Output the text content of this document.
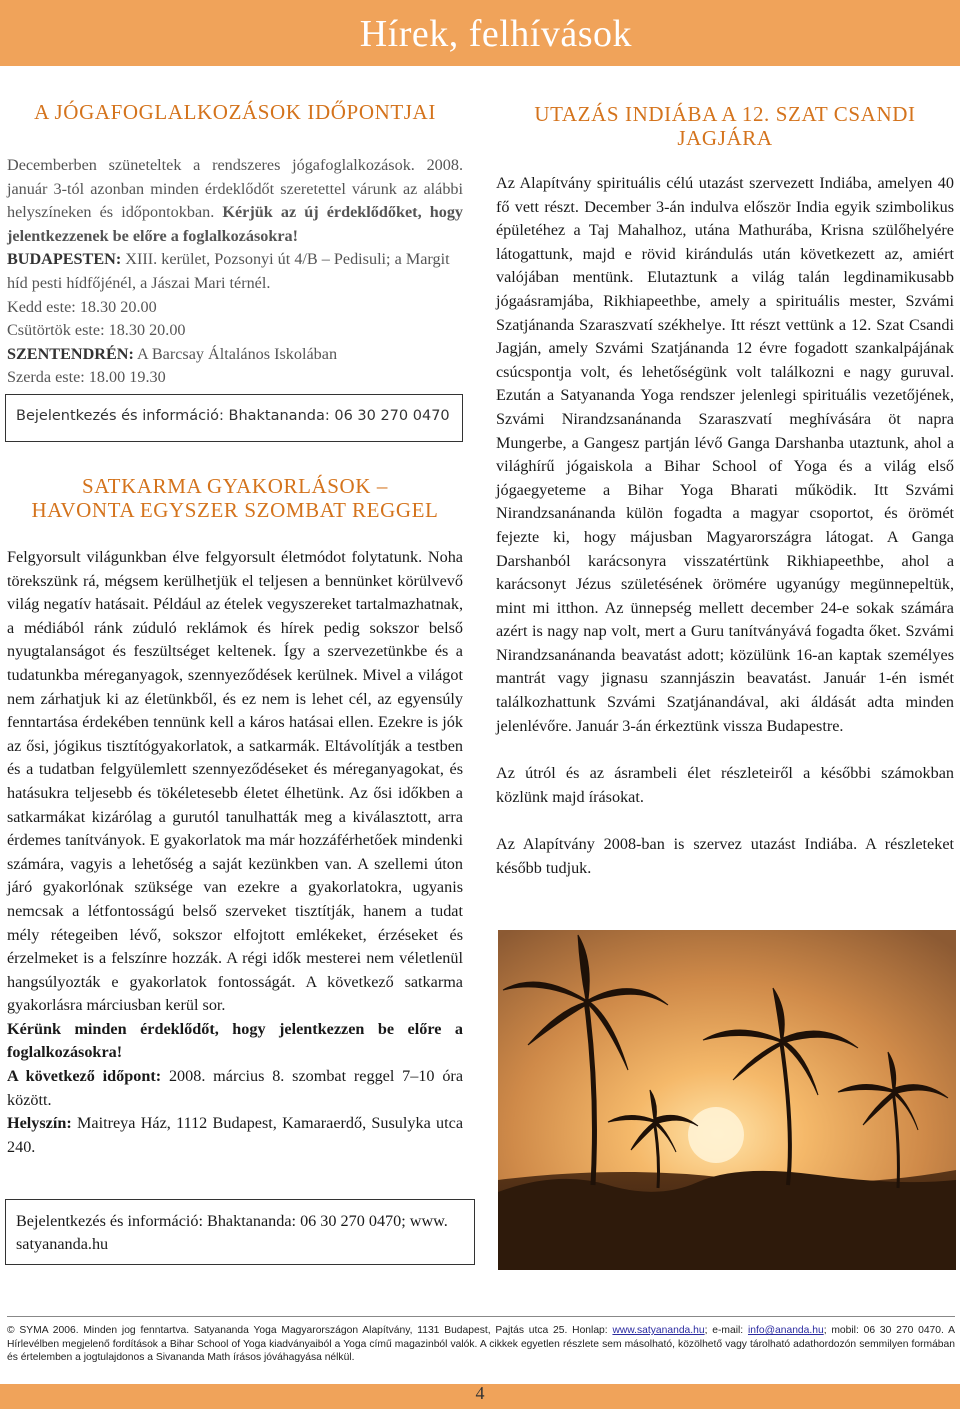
Hírek, felhívások
A JÓGAFOGLALKOZÁSOK IDŐPONTJAI

Decemberben szüneteltek a rendszeres jógafoglalkozások. 2008. január 3-tól azonban minden érdeklődőt szeretettel várunk az alábbi helyszíneken és időpontokban. Kérjük az új érdeklődőket, hogy jelentkezzenek be előre a foglalkozásokra!

BUDAPESTEN: XIII. kerület, Pozsonyi út 4/B – Pedisuli; a Margit híd pesti hídfőjénél, a Jászai Mari térnél.

Kedd este: 18.30 20.00

Csütörtök este: 18.30 20.00

SZENTENDRÉN: A Barcsay Általános Iskolában

Szerda este: 18.00 19.30

Bejelentkezés és információ: Bhaktananda: 06 30 270 0470
SATKARMA GYAKORLÁSOK –
HAVONTA EGYSZER SZOMBAT REGGEL

Felgyorsult világunkban élve felgyorsult életmódot folytatunk. Noha törekszünk rá, mégsem kerülhetjük el teljesen a bennünket körülvevő világ negatív hatásait. Például az ételek vegyszereket tartalmazhatnak, a médiából ránk zúduló reklámok és hírek pedig sokszor belső nyugtalanságot és feszültséget keltenek. Így a szervezetünkbe és a tudatunkba méreganyagok, szennyeződések kerülnek. Mivel a világot nem zárhatjuk ki az életünkből, és ez nem is lehet cél, az egyensúly fenntartása érdekében tennünk kell a káros hatásai ellen. Ezekre is jók az ősi, jógikus tisztítógyakorlatok, a satkarmák. Eltávolítják a testben és a tudatban felgyülemlett szennyeződéseket és méreganyagokat, és hatásukra teljesebb és tökéletesebb életet élhetünk. Az ősi időkben a satkarmákat kizárólag a gurutól tanulhatták meg a kiválasztott, arra érdemes tanítványok. E gyakorlatok ma már hozzáférhetőek mindenki számára, vagyis a lehetőség a saját kezünkben van. A szellemi úton járó gyakorlónak szüksége van ezekre a gyakorlatokra, ugyanis nemcsak a létfontosságú belső szerveket tisztítják, hanem a tudat mély rétegeiben lévő, sokszor elfojtott emlékeket, érzéseket és érzelmeket is a felszínre hozzák. A régi idők mesterei nem véletlenül hangsúlyozták e gyakorlatok fontosságát. A következő satkarma gyakorlásra márciusban kerül sor.

Kérünk minden érdeklődőt, hogy jelentkezzen be előre a foglalkozásokra!

A következő időpont: 2008. március 8. szombat reggel 7–10 óra között.

Helyszín: Maitreya Ház, 1112 Budapest, Kamaraerdő, Susulyka utca 240.

Bejelentkezés és információ: Bhaktananda: 06 30 270 0470; www. satyananda.hu
UTAZÁS INDIÁBA A 12. SZAT CSANDI
JAGJÁRA

Az Alapítvány spirituális célú utazást szervezett Indiába, amelyen 40 fő vett részt. December 3-án indulva először India egyik szimbolikus épületéhez a Taj Mahalhoz, utána Mathurába, Krisna szülőhelyére látogattunk, majd e rövid kirándulás után következett az, amiért valójában mentünk. Elutaztunk a világ talán legdinamikusabb jógaásramjába, Rikhiapeethbe, amely a spirituális mester, Szvámi Szatjánanda Szaraszvatí székhelye. Itt részt vettünk a 12. Szat Csandi Jagján, amely Szvámi Szatjánanda 12 évre fogadott szankalpájának csúcspontja volt, és lehetőségünk volt találkozni e nagy guruval. Ezután a Satyananda Yoga rendszer jelenlegi spirituális vezetőjének, Szvámi Nirandzsanánanda Szaraszvatí meghívására öt napra Mungerbe, a Gangesz partján lévő Ganga Darshanba utaztunk, ahol a világhírű jógaiskola a Bihar School of Yoga és a világ első jógaegyeteme a Bihar Yoga Bharati működik. Itt Szvámi Nirandzsanánanda külön fogadta a magyar csoportot, és örömét fejezte ki, hogy májusban Magyarországra látogat. A Ganga Darshanból karácsonyra visszatértünk Rikhiapeethbe, ahol a karácsonyt Jézus születésének örömére ugyanúgy megünnepeltük, mint mi itthon. Az ünnepség mellett december 24-e sokak számára azért is nagy nap volt, mert a Guru tanítványává fogadta őket. Szvámi Nirandzsanánanda beavatást adott; közülünk 16-an kaptak személyes mantrát vagy jignasu szannjászin beavatást. Január 1-én ismét találkozhattunk Szvámi Szatjánandával, aki áldását adta minden jelenlévőre. Január 3-án érkeztünk vissza Budapestre.

Az útról és az ásrambeli élet részleteiről a későbbi számokban közlünk majd írásokat.

Az Alapítvány 2008-ban is szervez utazást Indiába. A részleteket később tudjuk.

© SYMA 2006. Minden jog fenntartva. Satyananda Yoga Magyarországon Alapítvány, 1131 Budapest, Pajtás utca 25. Honlap: www.satyananda.hu; e-mail: info@ananda.hu; mobil: 06 30 270 0470. A Hírlevélben megjelenő fordítások a Bihar School of Yoga kiadványaiból a Yoga című magazinból valók. A cikkek egyetlen részlete sem másolható, közölhető vagy tárolható adathordozón semmilyen formában és értelemben a jogtulajdonos a Sivananda Math írásos jóváhagyása nélkül.
4
